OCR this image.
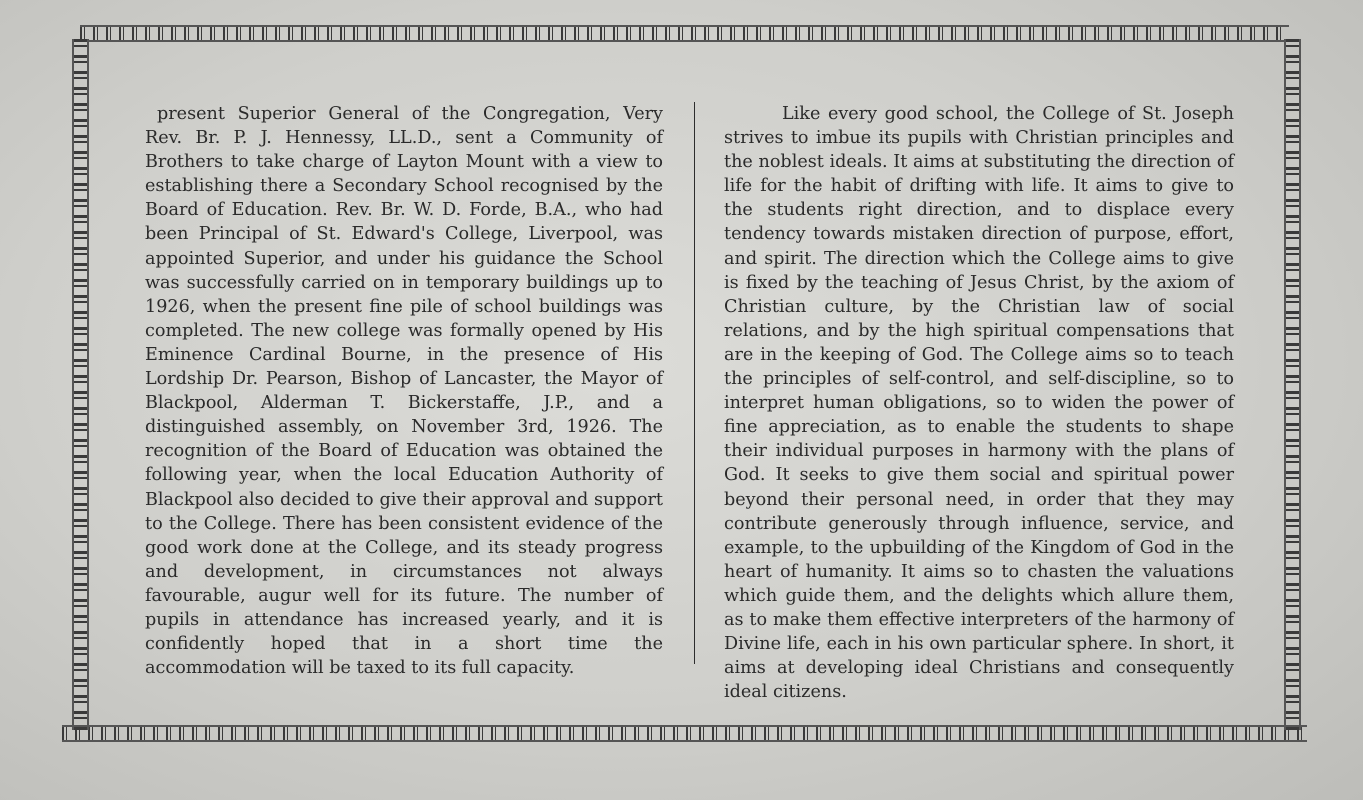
present Superior General of the Congregation, Very Rev. Br. P. J. Hennessy, LL.D., sent a Community of Brothers to take charge of Layton Mount with a view to establishing there a Secondary School recognised by the Board of Education. Rev. Br. W. D. Forde, B.A., who had been Principal of St. Edward's College, Liverpool, was appointed Superior, and under his guidance the School was successfully carried on in temporary buildings up to 1926, when the present fine pile of school buildings was completed. The new college was formally opened by His Eminence Cardinal Bourne, in the presence of His Lordship Dr. Pearson, Bishop of Lancaster, the Mayor of Blackpool, Alderman T. Bickerstaffe, J.P., and a distinguished assembly, on November 3rd, 1926. The recognition of the Board of Education was obtained the following year, when the local Education Authority of Blackpool also decided to give their approval and support to the College. There has been consistent evidence of the good work done at the College, and its steady progress and development, in circumstances not always favourable, augur well for its future. The number of pupils in attendance has increased yearly, and it is confidently hoped that in a short time the accommodation will be taxed to its full capacity.

Like every good school, the College of St. Joseph strives to imbue its pupils with Christian principles and the noblest ideals. It aims at substituting the direction of life for the habit of drifting with life. It aims to give to the students right direction, and to displace every tendency towards mistaken direction of purpose, effort, and spirit. The direction which the College aims to give is fixed by the teaching of Jesus Christ, by the axiom of Christian culture, by the Christian law of social relations, and by the high spiritual compensations that are in the keeping of God. The College aims so to teach the principles of self-control, and self-discipline, so to interpret human obligations, so to widen the power of fine appreciation, as to enable the students to shape their individual purposes in harmony with the plans of God. It seeks to give them social and spiritual power beyond their personal need, in order that they may contribute generously through influence, service, and example, to the upbuilding of the Kingdom of God in the heart of humanity. It aims so to chasten the valuations which guide them, and the delights which allure them, as to make them effective interpreters of the harmony of Divine life, each in his own particular sphere. In short, it aims at developing ideal Christians and consequently ideal citizens.
